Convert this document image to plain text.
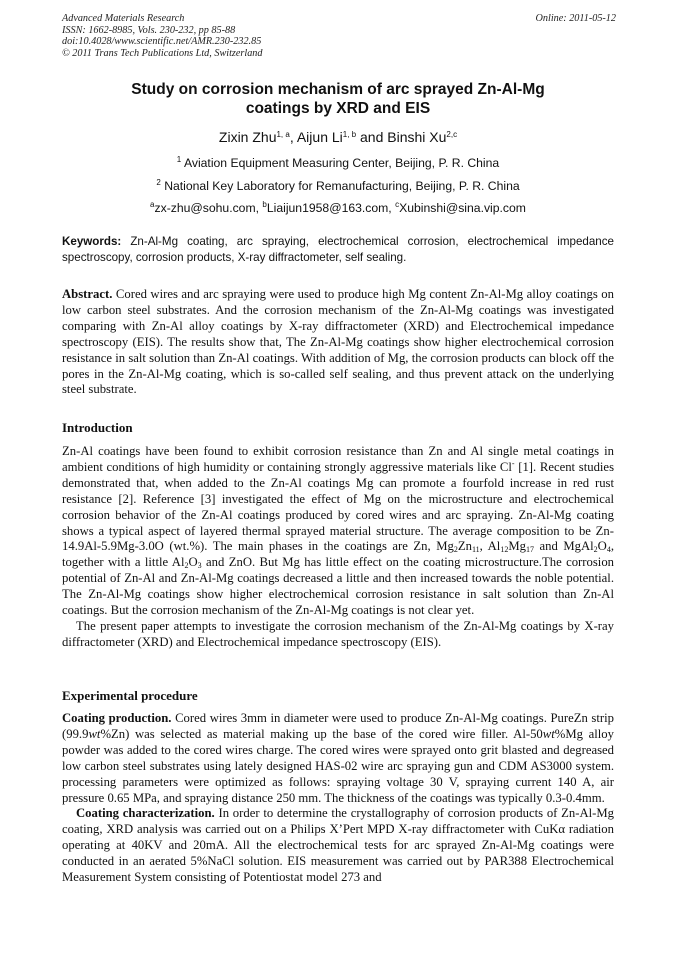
Advanced Materials Research
ISSN: 1662-8985, Vols. 230-232, pp 85-88
doi:10.4028/www.scientific.net/AMR.230-232.85
© 2011 Trans Tech Publications Ltd, Switzerland
Online: 2011-05-12
Study on corrosion mechanism of arc sprayed Zn-Al-Mg
coatings by XRD and EIS
Zixin Zhu$^{1, a}$, Aijun Li$^{1, b}$ and Binshi Xu$^{2,c}$
$^1$ Aviation Equipment Measuring Center, Beijing, P. R. China
$^2$ National Key Laboratory for Remanufacturing, Beijing, P. R. China
$^a$zx-zhu@sohu.com, $^b$Liaijun1958@163.com, $^c$Xubinshi@sina.vip.com
Keywords: Zn-Al-Mg coating, arc spraying, electrochemical corrosion, electrochemical impedance spectroscopy, corrosion products, X-ray diffractometer, self sealing.

Abstract. Cored wires and arc spraying were used to produce high Mg content Zn-Al-Mg alloy coatings on low carbon steel substrates. And the corrosion mechanism of the Zn-Al-Mg coatings was investigated comparing with Zn-Al alloy coatings by X-ray diffractometer (XRD) and Electrochemical impedance spectroscopy (EIS). The results show that, The Zn-Al-Mg coatings show higher electrochemical corrosion resistance in salt solution than Zn-Al coatings. With addition of Mg, the corrosion products can block off the pores in the Zn-Al-Mg coating, which is so-called self sealing, and thus prevent attack on the underlying steel substrate.

Introduction

Zn-Al coatings have been found to exhibit corrosion resistance than Zn and Al single metal coatings in ambient conditions of high humidity or containing strongly aggressive materials like Cl- [1]. Recent studies demonstrated that, when added to the Zn-Al coatings Mg can promote a fourfold increase in red rust resistance [2]. Reference [3] investigated the effect of Mg on the microstructure and electrochemical corrosion behavior of the Zn-Al coatings produced by cored wires and arc spraying. Zn-Al-Mg coating shows a typical aspect of layered thermal sprayed material structure. The average composition to be Zn-14.9Al-5.9Mg-3.0O (wt.%). The main phases in the coatings are Zn, $Mg_2Zn_{11}$, $Al_{12}Mg_{17}$ and $MgAl_2O_4$, together with a little $Al_2O_3$ and ZnO. But Mg has little effect on the coating microstructure.The corrosion potential of Zn-Al and Zn-Al-Mg coatings decreased a little and then increased towards the noble potential. The Zn-Al-Mg coatings show higher electrochemical corrosion resistance in salt solution than Zn-Al coatings. But the corrosion mechanism of the Zn-Al-Mg coatings is not clear yet.

The present paper attempts to investigate the corrosion mechanism of the Zn-Al-Mg coatings by X-ray diffractometer (XRD) and Electrochemical impedance spectroscopy (EIS).

Experimental procedure

Coating production. Cored wires 3mm in diameter were used to produce Zn-Al-Mg coatings. PureZn strip (99.9wt%Zn) was selected as material making up the base of the cored wire filler. Al-50wt%Mg alloy powder was added to the cored wires charge. The cored wires were sprayed onto grit blasted and degreased low carbon steel substrates using lately designed HAS-02 wire arc spraying gun and CDM AS3000 system. processing parameters were optimized as follows: spraying voltage 30 V, spraying current 140 A, air pressure 0.65 MPa, and spraying distance 250 mm. The thickness of the coatings was typically 0.3-0.4mm.

Coating characterization. In order to determine the crystallography of corrosion products of Zn-Al-Mg coating, XRD analysis was carried out on a Philips X’Pert MPD X-ray diffractometer with CuKα radiation operating at 40KV and 20mA. All the electrochemical tests for arc sprayed Zn-Al-Mg coatings were conducted in an aerated 5%NaCl solution. EIS measurement was carried out by PAR388 Electrochemical Measurement System consisting of Potentiostat model 273 and
